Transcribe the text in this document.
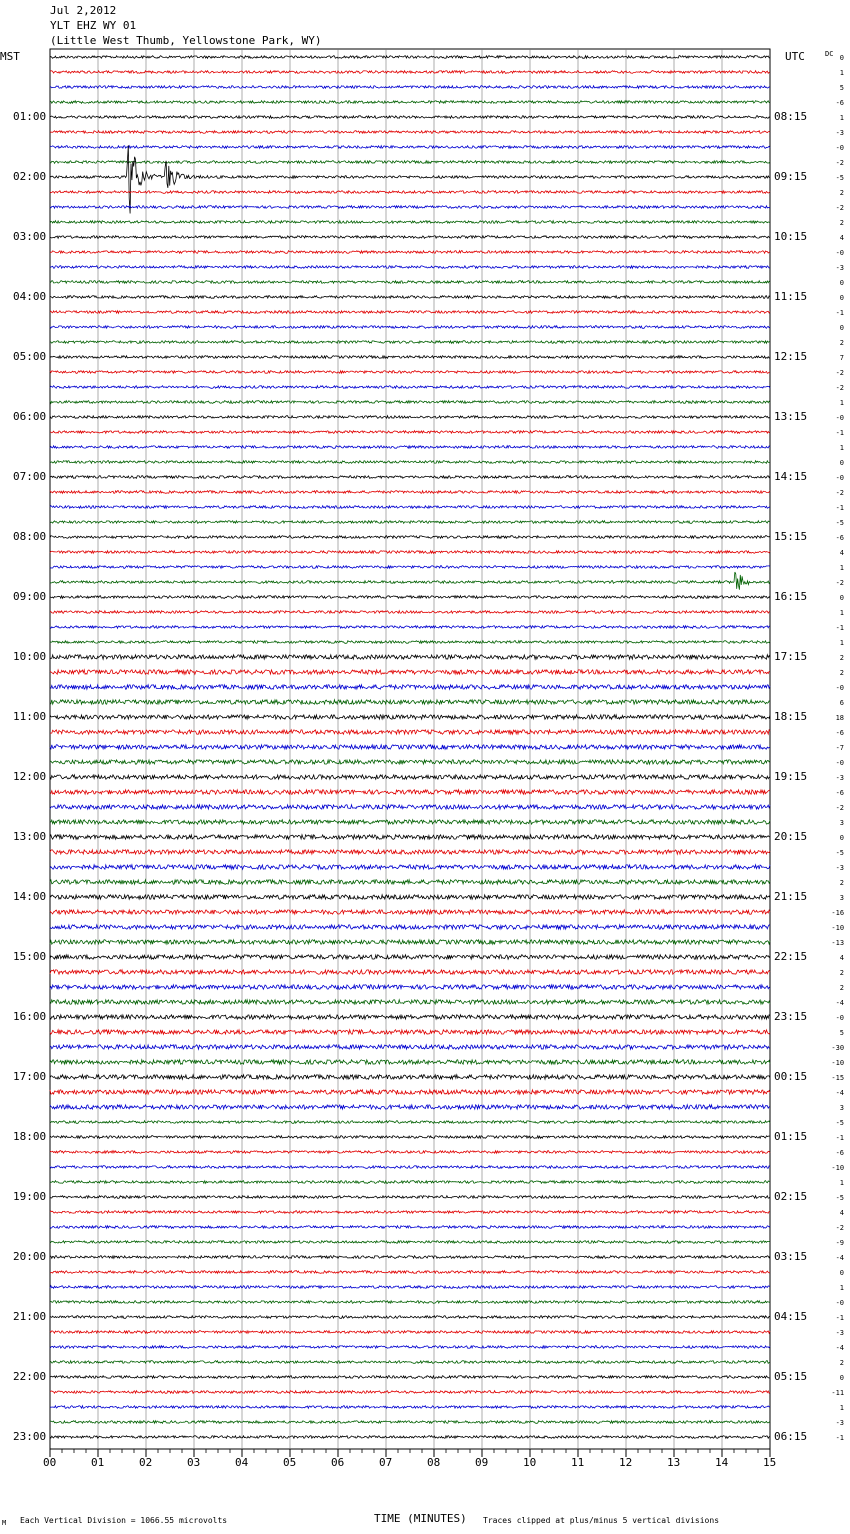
Jul 2,2012
YLT EHZ WY 01
(Little West Thumb, Yellowstone Park, WY)
MST	UTC	DC
01:00
02:00
03:00
04:00
05:00
06:00
07:00
08:00
09:00
10:00
11:00
12:00
13:00
14:00
15:00
16:00
17:00
18:00
19:00
20:00
21:00
22:00
23:00
08:15
09:15
10:15
11:15
12:15
13:15
14:15
15:15
16:15
17:15
18:15
19:15
20:15
21:15
22:15
23:15
00:15
01:15
02:15
03:15
04:15
05:15
06:15
0
1
5
-6
1
-3
-0
-2
-5
2
-2
2
4
-0
-3
0
0
-1
0
2
7
-2
-2
1
-0
-1
1
0
-0
-2
-1
-5
-6
4
1
-2
0
1
-1
1
2
2
-0
6
18
-6
-7
-0
-3
-6
-2
3
0
-5
-3
2
3
-16
-10
-13
4
2
2
-4
-0
5
-30
-10
-15
-4
3
-5
-1
-6
-10
1
-5
4
-2
-9
-4
0
1
-0
-1
-3
-4
2
0
-11
1
-3
-1
00	01	02	03	04	05	06	07	08	09	10	11	12	13	14	15
M Each Vertical Division = 1066.55 microvolts	TIME (MINUTES) Traces clipped at plus/minus 5 vertical divisions
